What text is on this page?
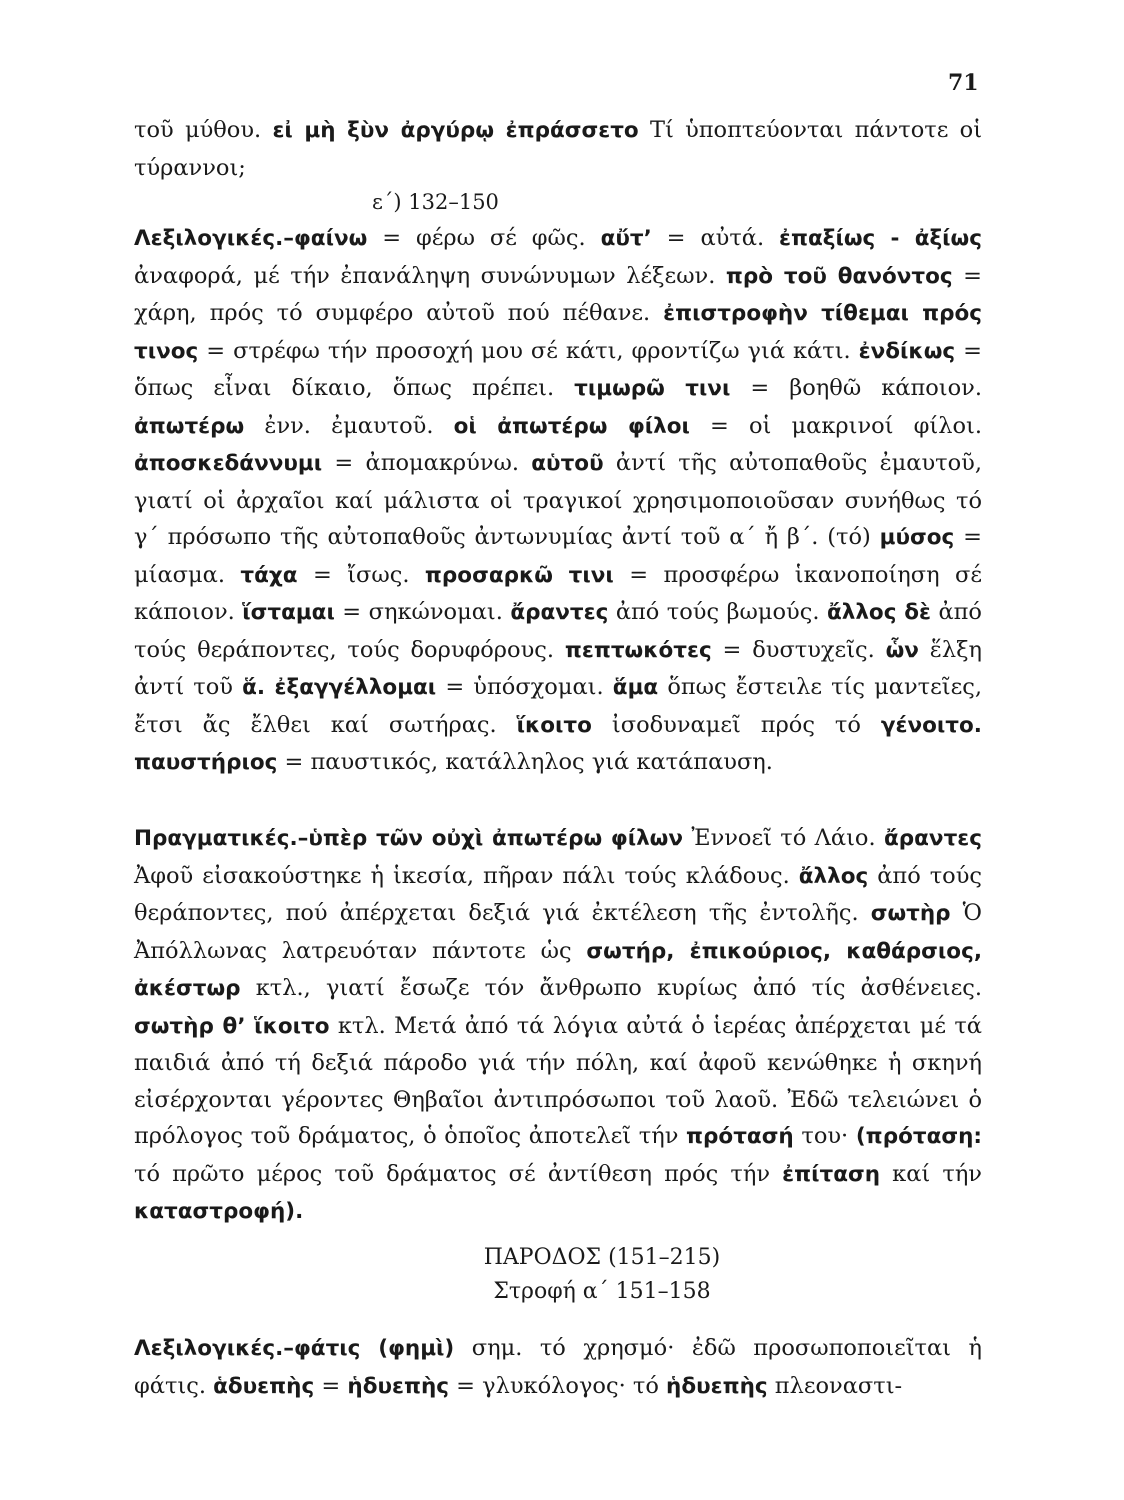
71
τοῦ μύθου. εἰ μὴ ξὺν ἀργύρῳ ἐπράσσετο Τί ὑποπτεύονται πάντοτε οἱ τύραννοι;
ε΄) 132–150
Λεξιλογικές.–φαίνω = φέρω σέ φῶς. αὔτ’ = αὐτά. ἐπαξίως - ἀξίως ἀναφορά, μέ τήν ἐπανάληψη συνώνυμων λέξεων. πρὸ τοῦ θανόντος = χάρη, πρός τό συμφέρο αὐτοῦ πού πέθανε. ἐπιστροφὴν τίθεμαι πρός τινος = στρέφω τήν προσοχή μου σέ κάτι, φροντίζω γιά κάτι. ἐνδίκως = ὅπως εἶναι δίκαιο, ὅπως πρέπει. τιμωρῶ τινι = βοηθῶ κάποιον. ἀπωτέρω ἐνν. ἐμαυτοῦ. οἱ ἀπωτέρω φίλοι = οἱ μακρινοί φίλοι. ἀποσκεδάννυμι = ἀπομακρύνω. αὑτοῦ ἀντί τῆς αὐτοπαθοῦς ἐμαυτοῦ, γιατί οἱ ἀρχαῖοι καί μάλιστα οἱ τραγικοί χρησιμοποιοῦσαν συνήθως τό γ΄ πρόσωπο τῆς αὐτοπαθοῦς ἀντωνυμίας ἀντί τοῦ α΄ ἤ β΄. (τό) μύσος = μίασμα. τάχα = ἴσως. προσαρκῶ τινι = προσφέρω ἱκανοποίηση σέ κάποιον. ἵσταμαι = σηκώνομαι. ἄραντες ἀπό τούς βωμούς. ἄλλος δὲ ἀπό τούς θεράποντες, τούς δορυφόρους. πεπτωκότες = δυστυχεῖς. ὧν ἕλξη ἀντί τοῦ ἅ. ἐξαγγέλλομαι = ὑπόσχομαι. ἅμα ὅπως ἔστειλε τίς μαντεῖες, ἔτσι ἄς ἔλθει καί σωτήρας. ἵκοιτο ἰσοδυναμεῖ πρός τό γένοιτο. παυστήριος = παυστικός, κατάλληλος γιά κατάπαυση.
Πραγματικές.–ὑπὲρ τῶν οὐχὶ ἀπωτέρω φίλων Ἐννοεῖ τό Λάιο. ἄραντες Ἀφοῦ εἰσακούστηκε ἡ ἱκεσία, πῆραν πάλι τούς κλάδους. ἄλλος ἀπό τούς θεράποντες, πού ἀπέρχεται δεξιά γιά ἐκτέλεση τῆς ἐντολῆς. σωτὴρ Ὁ Ἀπόλλωνας λατρευόταν πάντοτε ὡς σωτήρ, ἐπικούριος, καθάρσιος, ἀκέστωρ κτλ., γιατί ἔσωζε τόν ἄνθρωπο κυρίως ἀπό τίς ἀσθένειες. σωτὴρ θ’ ἵκοιτο κτλ. Μετά ἀπό τά λόγια αὐτά ὁ ἱερέας ἀπέρχεται μέ τά παιδιά ἀπό τή δεξιά πάροδο γιά τήν πόλη, καί ἀφοῦ κενώθηκε ἡ σκηνή εἰσέρχονται γέροντες Θηβαῖοι ἀντιπρόσωποι τοῦ λαοῦ. Ἐδῶ τελειώνει ὁ πρόλογος τοῦ δράματος, ὁ ὁποῖος ἀποτελεῖ τήν πρότασή του· (πρόταση: τό πρῶτο μέρος τοῦ δράματος σέ ἀντίθεση πρός τήν ἐπίταση καί τήν καταστροφή).
ΠΑΡΟΔΟΣ (151–215)
Στροφή α΄ 151–158
Λεξιλογικές.–φάτις (φημὶ) σημ. τό χρησμό· ἐδῶ προσωποποιεῖται ἡ φάτις. ἁδυεπὴς = ἡδυεπὴς = γλυκόλογος· τό ἡδυεπὴς πλεοναστι-
